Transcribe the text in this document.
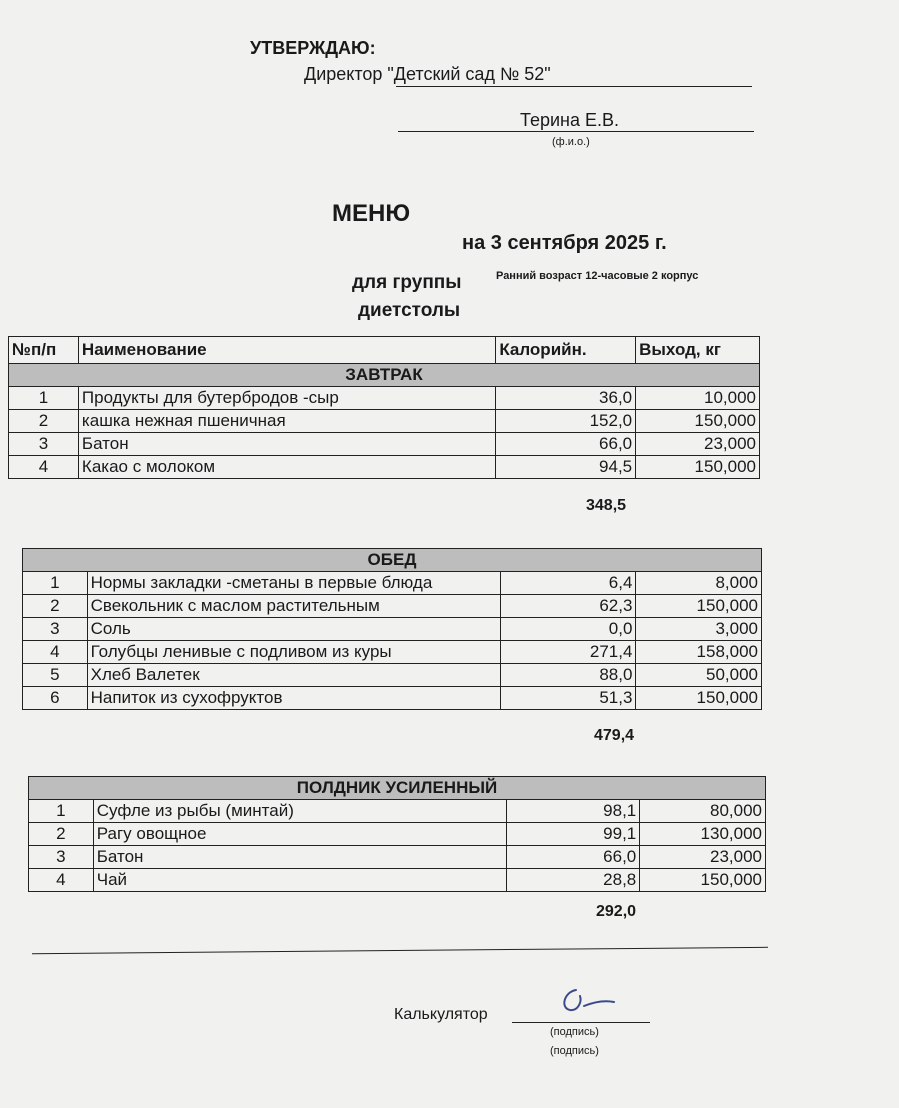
УТВЕРЖДАЮ:
Директор "Детский сад № 52"
Терина Е.В.
(ф.и.о.)
МЕНЮ
на 3 сентября 2025 г.
для группы	Ранний возраст 12-часовые 2 корпус
диетстолы
№п/п	Наименование	Калорийн.	Выход, кг
ЗАВТРАК			
1	Продукты для бутербродов -сыр	36,0	10,000
2	кашка нежная пшеничная	152,0	150,000
3	Батон	66,0	23,000
4	Какао с молоком	94,5	150,000
348,5
ОБЕД			
1	Нормы закладки -сметаны в первые блюда	6,4	8,000
2	Свекольник с маслом растительным	62,3	150,000
3	Соль	0,0	3,000
4	Голубцы ленивые с подливом из куры	271,4	158,000
5	Хлеб Валетек	88,0	50,000
6	Напиток из сухофруктов	51,3	150,000
479,4
ПОЛДНИК УСИЛЕННЫЙ			
1	Суфле из рыбы (минтай)	98,1	80,000
2	Рагу овощное	99,1	130,000
3	Батон	66,0	23,000
4	Чай	28,8	150,000
292,0
Калькулятор
(подпись)
(подпись)
